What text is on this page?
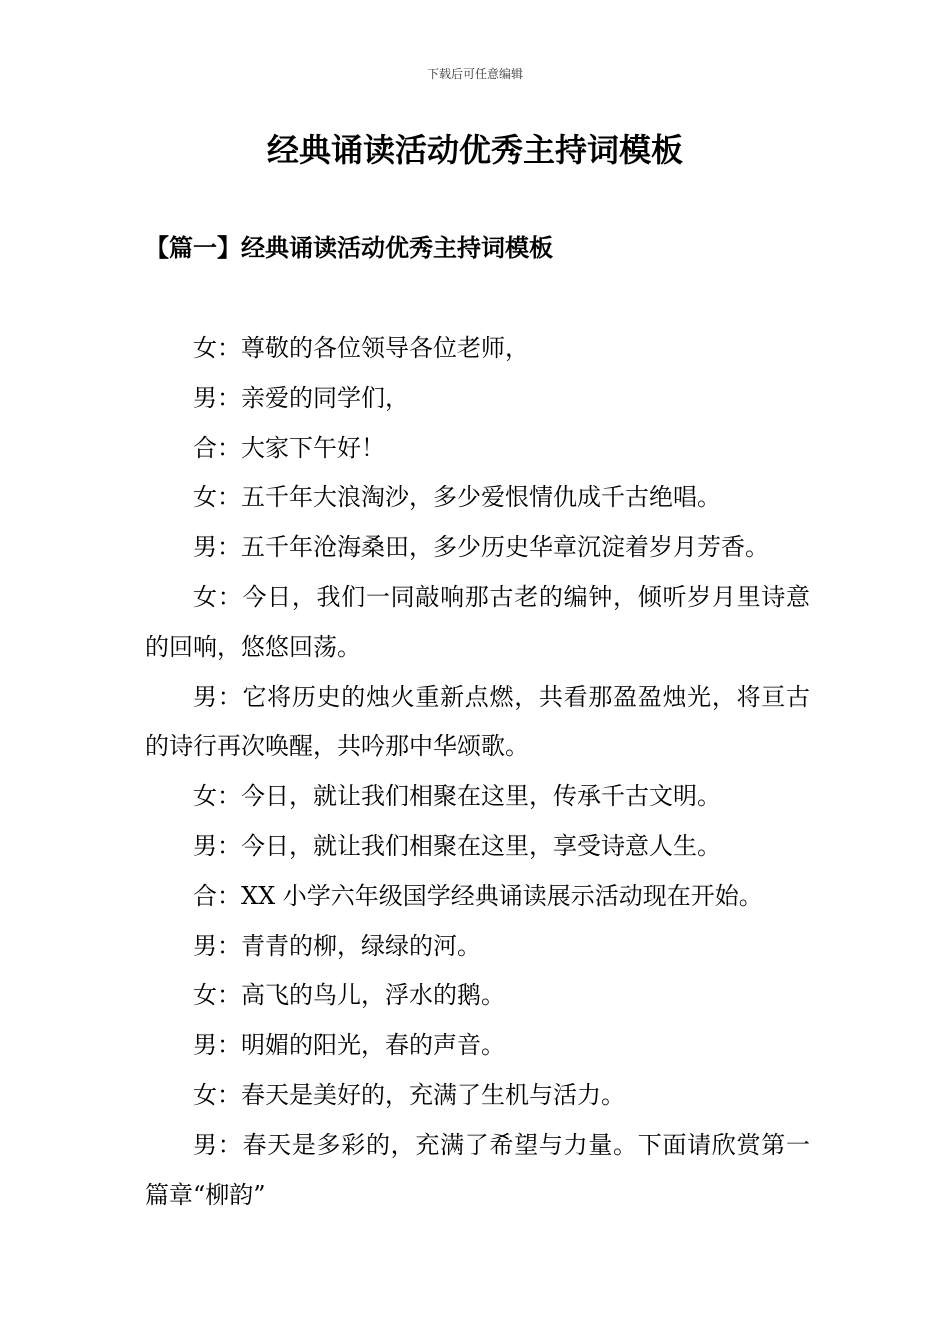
下载后可任意编辑
经典诵读活动优秀主持词模板
【篇一】经典诵读活动优秀主持词模板

女：尊敬的各位领导各位老师，

男：亲爱的同学们，

合：大家下午好！

女：五千年大浪淘沙，多少爱恨情仇成千古绝唱。

男：五千年沧海桑田，多少历史华章沉淀着岁月芳香。

女：今日，我们一同敲响那古老的编钟，倾听岁月里诗意的回响，悠悠回荡。

男：它将历史的烛火重新点燃，共看那盈盈烛光，将亘古的诗行再次唤醒，共吟那中华颂歌。

女：今日，就让我们相聚在这里，传承千古文明。

男：今日，就让我们相聚在这里，享受诗意人生。

合：XX 小学六年级国学经典诵读展示活动现在开始。

男：青青的柳，绿绿的河。

女：高飞的鸟儿，浮水的鹅。

男：明媚的阳光，春的声音。

女：春天是美好的，充满了生机与活力。

男：春天是多彩的，充满了希望与力量。下面请欣赏第一篇章“柳韵”
